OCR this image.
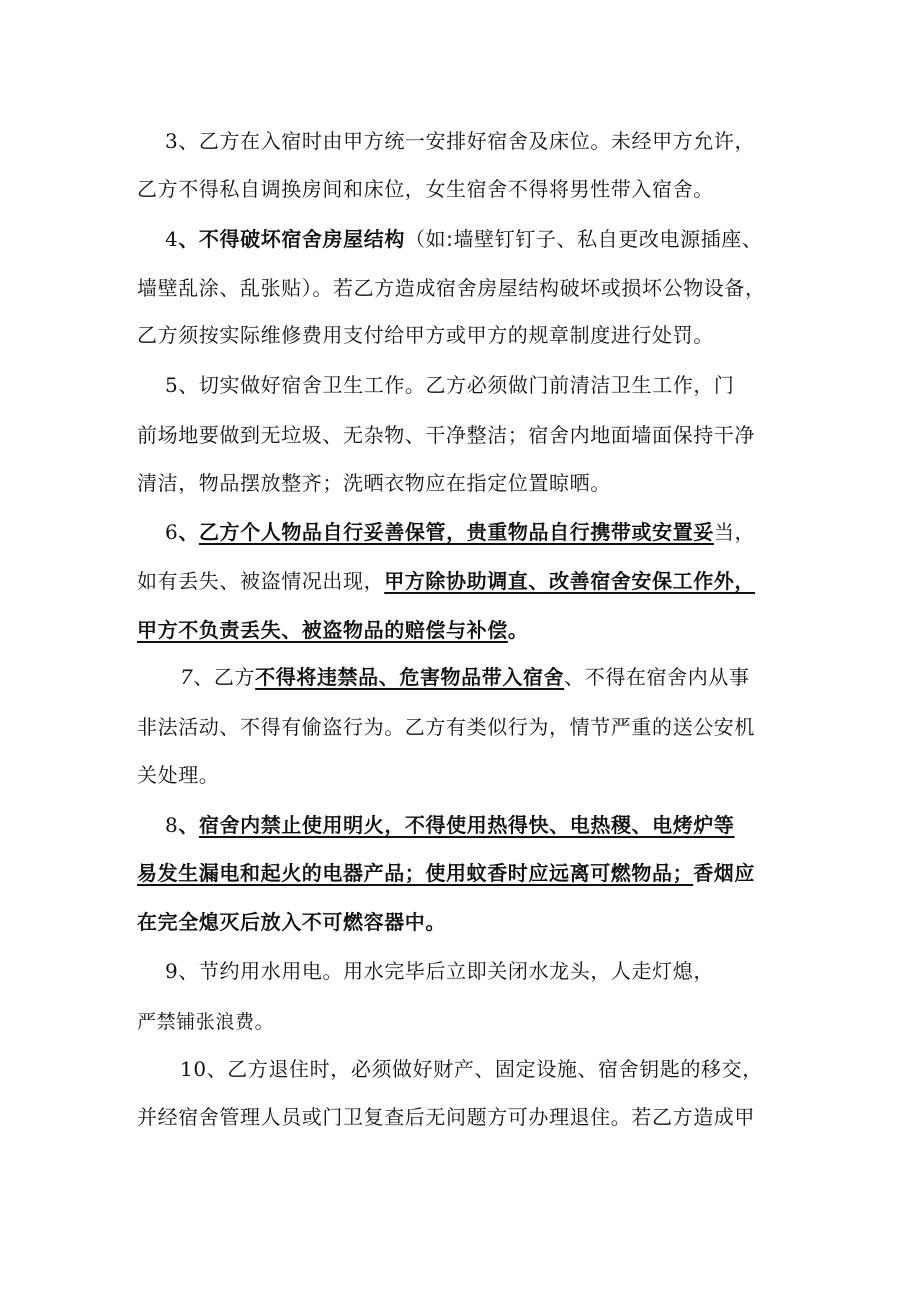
3、乙方在入宿时由甲方统一安排好宿舍及床位。未经甲方允许，
乙方不得私自调换房间和床位，女生宿舍不得将男性带入宿舍。
4、不得破坏宿舍房屋结构（如:墙壁钉钉子、私自更改电源插座、
墙壁乱涂、乱张贴）。若乙方造成宿舍房屋结构破坏或损坏公物设备，
乙方须按实际维修费用支付给甲方或甲方的规章制度进行处罚。
5、切实做好宿舍卫生工作。乙方必须做门前清洁卫生工作，门
前场地要做到无垃圾、无杂物、干净整洁；宿舍内地面墙面保持干净
清洁，物品摆放整齐；洗晒衣物应在指定位置晾晒。
6、乙方个人物品自行妥善保管，贵重物品自行携带或安置妥当，
如有丢失、被盗情况出现，甲方除协助调直、改善宿舍安保工作外，
甲方不负责丢失、被盗物品的赔偿与补偿。
7、乙方不得将违禁品、危害物品带入宿舍、不得在宿舍内从事
非法活动、不得有偷盗行为。乙方有类似行为，情节严重的送公安机
关处理。
8、宿舍内禁止使用明火，不得使用热得快、电热稷、电烤炉等
易发生漏电和起火的电器产品；使用蚊香时应远离可燃物品；香烟应
在完全熄灭后放入不可燃容器中。
9、节约用水用电。用水完毕后立即关闭水龙头，人走灯熄，
严禁铺张浪费。
10、乙方退住时，必须做好财产、固定设施、宿舍钥匙的移交，
并经宿舍管理人员或门卫复查后无问题方可办理退住。若乙方造成甲
